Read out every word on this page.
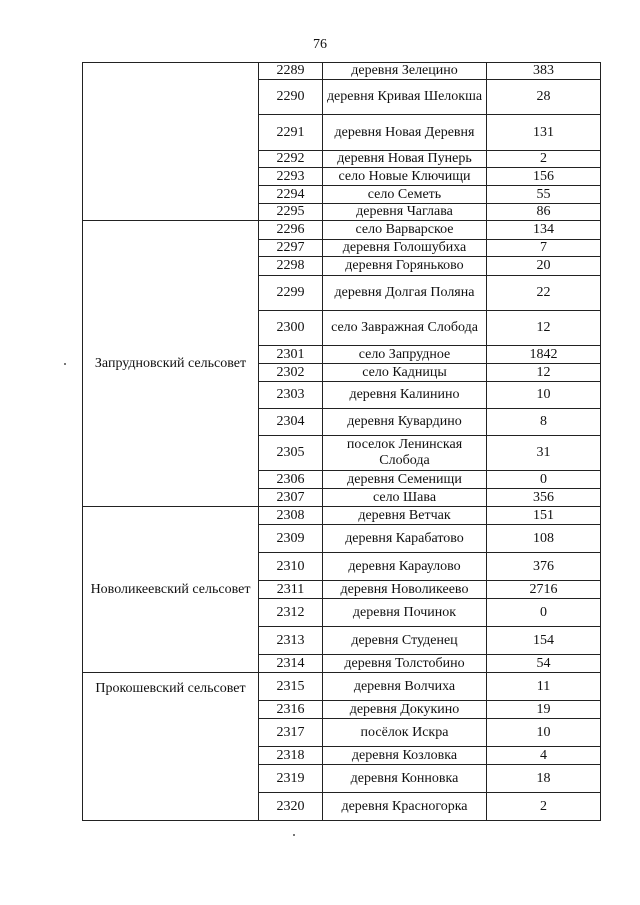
76
	2289	деревня Зелецино	383
	2290	деревня Кривая Шелокша	28
	2291	деревня Новая Деревня	131
	2292	деревня Новая Пунерь	2
	2293	село Новые Ключищи	156
	2294	село Семеть	55
	2295	деревня Чаглава	86
Запрудновский сельсовет	2296	село Варварское	134
	2297	деревня Голошубиха	7
	2298	деревня Горяньково	20
	2299	деревня Долгая Поляна	22
	2300	село Завражная Слобода	12
	2301	село Запрудное	1842
	2302	село Кадницы	12
	2303	деревня Калинино	10
	2304	деревня Кувардино	8
	2305	поселок Ленинская Слобода	31
	2306	деревня Семенищи	0
	2307	село Шава	356
Новоликеевский сельсовет	2308	деревня Ветчак	151
	2309	деревня Карабатово	108
	2310	деревня Караулово	376
	2311	деревня Новоликеево	2716
	2312	деревня Починок	0
	2313	деревня Студенец	154
	2314	деревня Толстобино	54
Прокошевский сельсовет	2315	деревня Волчиха	11
	2316	деревня Докукино	19
	2317	посёлок Искра	10
	2318	деревня Козловка	4
	2319	деревня Конновка	18
	2320	деревня Красногорка	2
